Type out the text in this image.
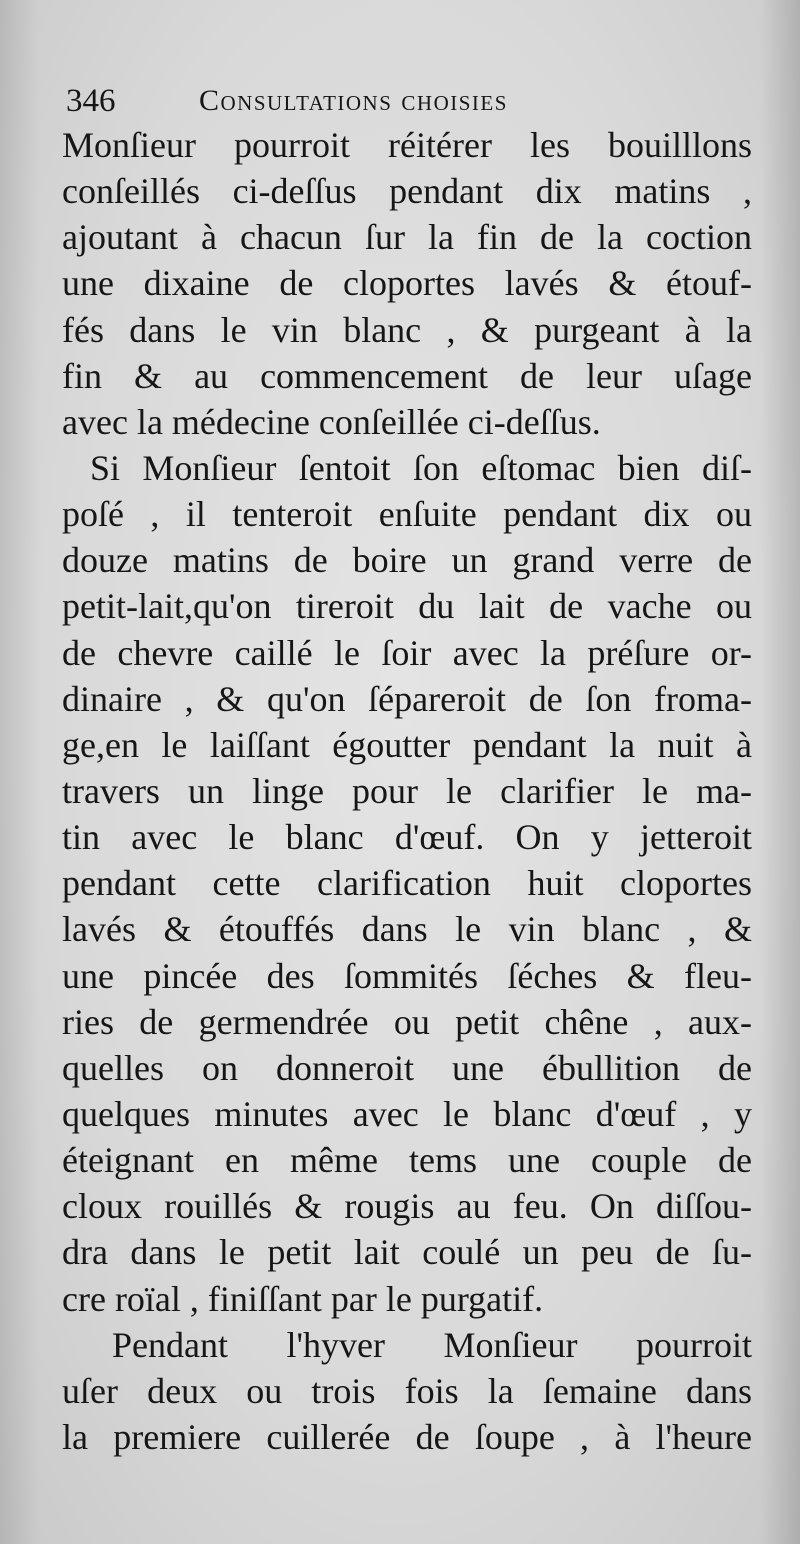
346	Consultations choisies
Monſieur pourroit réitérer les bouilllons
conſeillés ci-deſſus pendant dix matins ,
ajoutant à chacun ſur la fin de la coction
une dixaine de cloportes lavés & étouf-
fés dans le vin blanc , & purgeant à la
fin & au commencement de leur uſage
avec la médecine conſeillée ci-deſſus.
Si Monſieur ſentoit ſon eſtomac bien diſ-
poſé , il tenteroit enſuite pendant dix ou
douze matins de boire un grand verre de
petit-lait,qu'on tireroit du lait de vache ou
de chevre caillé le ſoir avec la préſure or-
dinaire , & qu'on ſépareroit de ſon froma-
ge,en le laiſſant égoutter pendant la nuit à
travers un linge pour le clarifier le ma-
tin avec le blanc d'œuf. On y jetteroit
pendant cette clarification huit cloportes
lavés & étouffés dans le vin blanc , &
une pincée des ſommités ſéches & fleu-
ries de germendrée ou petit chêne , aux-
quelles on donneroit une ébullition de
quelques minutes avec le blanc d'œuf , y
éteignant en même tems une couple de
cloux rouillés & rougis au feu. On diſſou-
dra dans le petit lait coulé un peu de ſu-
cre roïal , finiſſant par le purgatif.
Pendant l'hyver Monſieur pourroit
uſer deux ou trois fois la ſemaine dans
la premiere cuillerée de ſoupe , à l'heure
